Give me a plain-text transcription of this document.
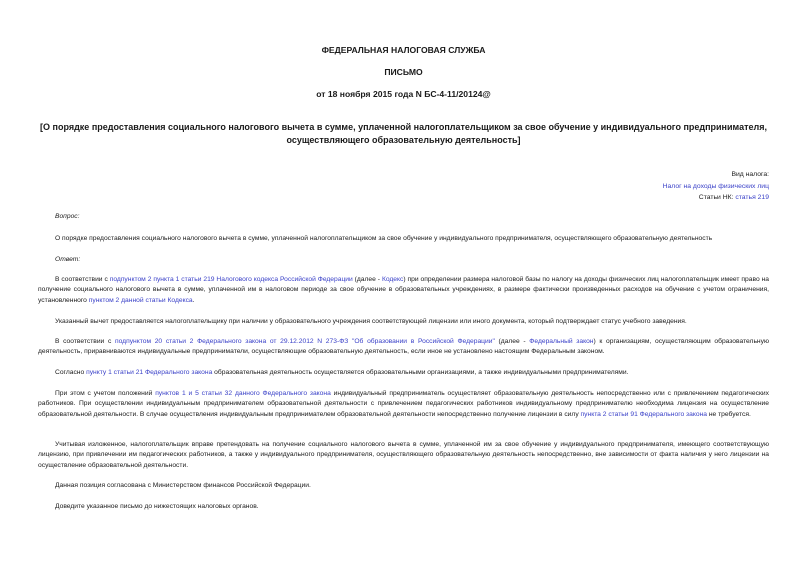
ФЕДЕРАЛЬНАЯ НАЛОГОВАЯ СЛУЖБА
ПИСЬМО
от 18 ноября 2015 года N БС-4-11/20124@
[О порядке предоставления социального налогового вычета в сумме, уплаченной налогоплательщиком за свое обучение у индивидуального предпринимателя, осуществляющего образовательную деятельность]
Вид налога:
Налог на доходы физических лиц
Статьи НК: статья 219

Вопрос:

О порядке предоставления социального налогового вычета в сумме, уплаченной налогоплательщиком за свое обучение у индивидуального предпринимателя, осуществляющего образовательную деятельность

Ответ:

В соответствии с подпунктом 2 пункта 1 статьи 219 Налогового кодекса Российской Федерации (далее - Кодекс) при определении размера налоговой базы по налогу на доходы физических лиц налогоплательщик имеет право на получение социального налогового вычета в сумме, уплаченной им в налоговом периоде за свое обучение в образовательных учреждениях, в размере фактически произведенных расходов на обучение с учетом ограничения, установленного пунктом 2 данной статьи Кодекса.

Указанный вычет предоставляется налогоплательщику при наличии у образовательного учреждения соответствующей лицензии или иного документа, который подтверждает статус учебного заведения.

В соответствии с подпунктом 20 статьи 2 Федерального закона от 29.12.2012 N 273-ФЗ "Об образовании в Российской Федерации" (далее - Федеральный закон) к организациям, осуществляющим образовательную деятельность, приравниваются индивидуальные предприниматели, осуществляющие образовательную деятельность, если иное не установлено настоящим Федеральным законом.

Согласно пункту 1 статьи 21 Федерального закона образовательная деятельность осуществляется образовательными организациями, а также индивидуальными предпринимателями.

При этом с учетом положений пунктов 1 и 5 статьи 32 данного Федерального закона индивидуальный предприниматель осуществляет образовательную деятельность непосредственно или с привлечением педагогических работников. При осуществлении индивидуальным предпринимателем образовательной деятельности с привлечением педагогических работников индивидуальному предпринимателю необходима лицензия на осуществление образовательной деятельности. В случае осуществления индивидуальным предпринимателем образовательной деятельности непосредственно получение лицензии в силу пункта 2 статьи 91 Федерального закона не требуется.

Учитывая изложенное, налогоплательщик вправе претендовать на получение социального налогового вычета в сумме, уплаченной им за свое обучение у индивидуального предпринимателя, имеющего соответствующую лицензию, при привлечении им педагогических работников, а также у индивидуального предпринимателя, осуществляющего образовательную деятельность непосредственно, вне зависимости от факта наличия у него лицензии на осуществление образовательной деятельности.

Данная позиция согласована с Министерством финансов Российской Федерации.

Доведите указанное письмо до нижестоящих налоговых органов.
